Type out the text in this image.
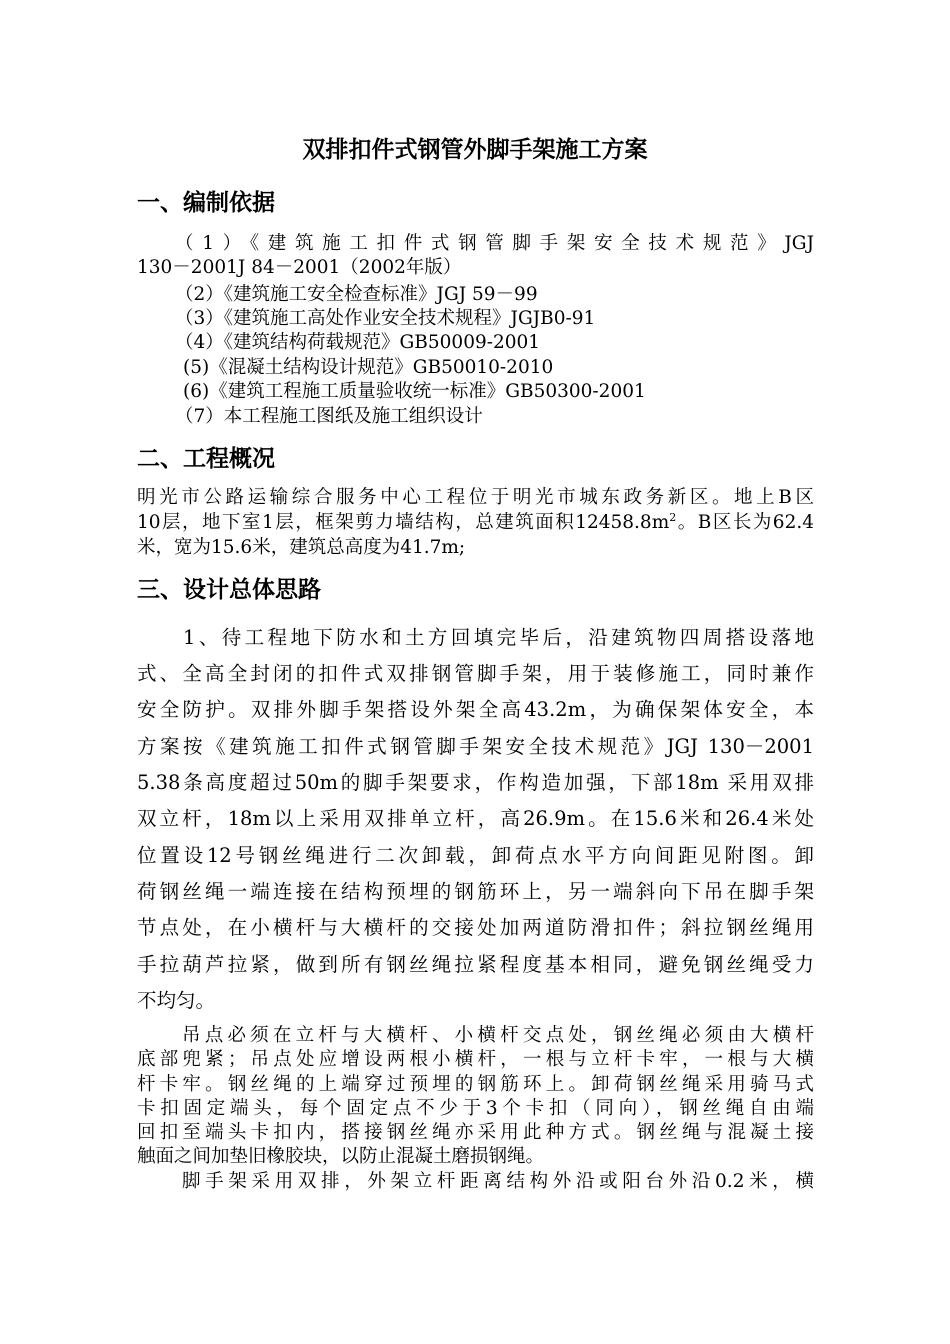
双排扣件式钢管外脚手架施工方案
一、编制依据
（1）《建筑施工扣件式钢管脚手架安全技术规范》JGJ
130－2001J 84－2001（2002年版）
（2）《建筑施工安全检查标准》JGJ 59－99
（3）《建筑施工高处作业安全技术规程》JGJB0-91
（4）《建筑结构荷载规范》GB50009-2001
(5)《混凝土结构设计规范》GB50010-2010
(6)《建筑工程施工质量验收统一标准》GB50300-2001
（7）本工程施工图纸及施工组织设计
二、工程概况
明光市公路运输综合服务中心工程位于明光市城东政务新区。地上B区
10层，地下室1层，框架剪力墙结构，总建筑面积$12458.8m^2$。B区长为62.4
米，宽为15.6米，建筑总高度为41.7m;
三、设计总体思路
1、待工程地下防水和土方回填完毕后，沿建筑物四周搭设落地
式、全高全封闭的扣件式双排钢管脚手架，用于装修施工，同时兼作
安全防护。双排外脚手架搭设外架全高43.2m，为确保架体安全，本
方案按《建筑施工扣件式钢管脚手架安全技术规范》JGJ 130－2001
5.38条高度超过50m的脚手架要求，作构造加强，下部18m 采用双排
双立杆，18m以上采用双排单立杆，高26.9m。在15.6米和26.4米处
位置设12号钢丝绳进行二次卸载，卸荷点水平方向间距见附图。卸
荷钢丝绳一端连接在结构预埋的钢筋环上，另一端斜向下吊在脚手架
节点处，在小横杆与大横杆的交接处加两道防滑扣件；斜拉钢丝绳用
手拉葫芦拉紧，做到所有钢丝绳拉紧程度基本相同，避免钢丝绳受力
不均匀。
吊点必须在立杆与大横杆、小横杆交点处，钢丝绳必须由大横杆
底部兜紧；吊点处应增设两根小横杆，一根与立杆卡牢，一根与大横
杆卡牢。钢丝绳的上端穿过预埋的钢筋环上。卸荷钢丝绳采用骑马式
卡扣固定端头，每个固定点不少于3个卡扣（同向），钢丝绳自由端
回扣至端头卡扣内，搭接钢丝绳亦采用此种方式。钢丝绳与混凝土接
触面之间加垫旧橡胶块，以防止混凝土磨损钢绳。
脚手架采用双排，外架立杆距离结构外沿或阳台外沿0.2米，横
